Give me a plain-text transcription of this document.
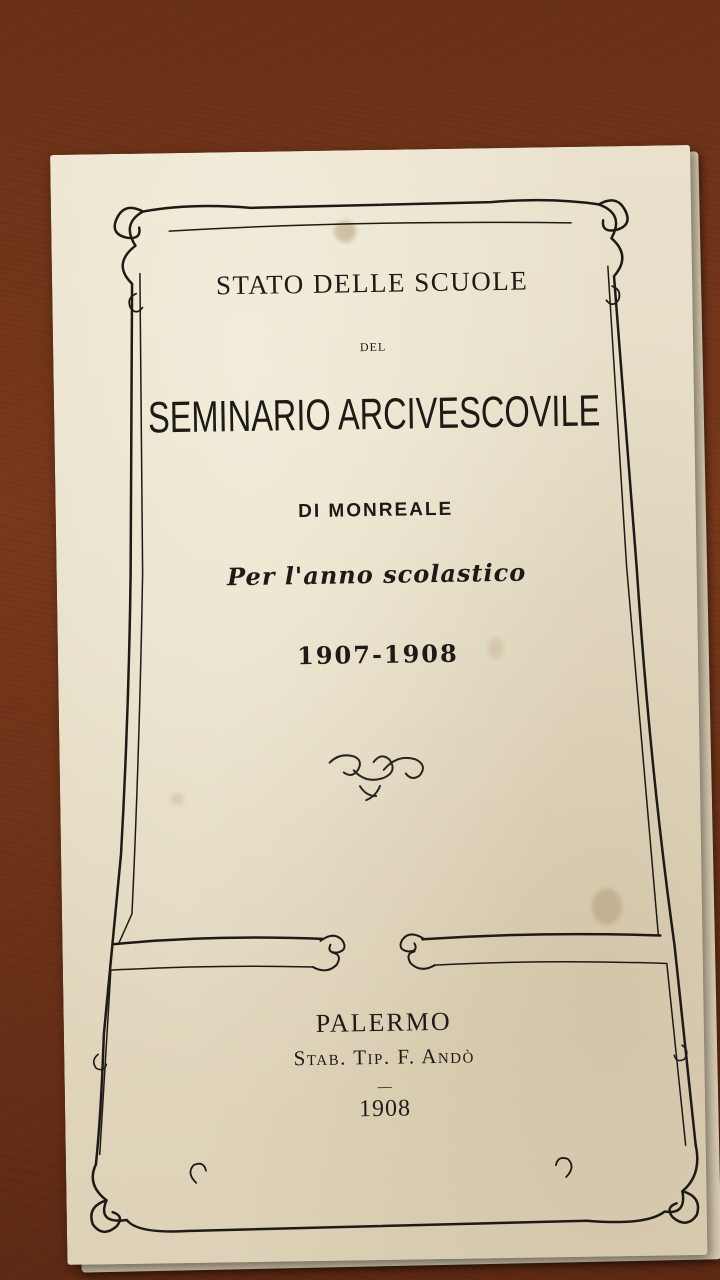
STATO DELLE SCUOLE
DEL
SEMINARIO ARCIVESCOVILE
DI MONREALE
Per l'anno scolastico
1907-1908
PALERMO
Stab. Tip. F. Andò
—
1908
